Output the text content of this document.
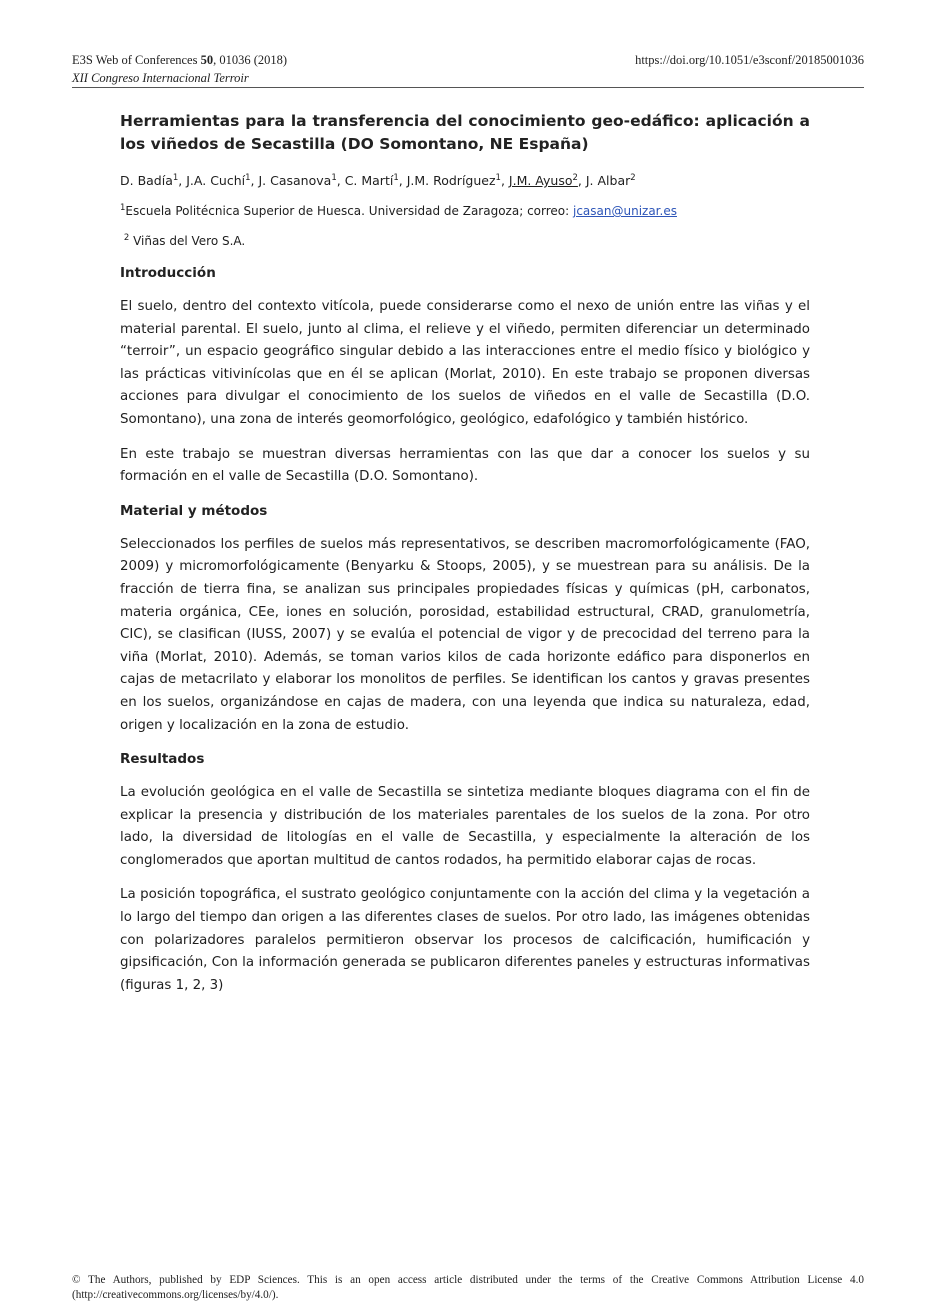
E3S Web of Conferences 50, 01036 (2018)	https://doi.org/10.1051/e3sconf/20185001036
XII Congreso Internacional Terroir
Herramientas para la transferencia del conocimiento geo-edáfico: aplicación a los viñedos de Secastilla (DO Somontano, NE España)
D. Badía$^1$, J.A. Cuchí$^1$, J. Casanova$^1$, C. Martí$^1$, J.M. Rodríguez$^1$, J.M. Ayuso$^2$, J. Albar$^2$
$^1$Escuela Politécnica Superior de Huesca. Universidad de Zaragoza; correo: jcasan@unizar.es
$^2$ Viñas del Vero S.A.
Introducción

El suelo, dentro del contexto vitícola, puede considerarse como el nexo de unión entre las viñas y el material parental. El suelo, junto al clima, el relieve y el viñedo, permiten diferenciar un determinado “terroir”, un espacio geográfico singular debido a las interacciones entre el medio físico y biológico y las prácticas vitivinícolas que en él se aplican (Morlat, 2010). En este trabajo se proponen diversas acciones para divulgar el conocimiento de los suelos de viñedos en el valle de Secastilla (D.O. Somontano), una zona de interés geomorfológico, geológico, edafológico y también histórico.

En este trabajo se muestran diversas herramientas con las que dar a conocer los suelos y su formación en el valle de Secastilla (D.O. Somontano).

Material y métodos

Seleccionados los perfiles de suelos más representativos, se describen macromorfológicamente (FAO, 2009) y micromorfológicamente (Benyarku & Stoops, 2005), y se muestrean para su análisis. De la fracción de tierra fina, se analizan sus principales propiedades físicas y químicas (pH, carbonatos, materia orgánica, CEe, iones en solución, porosidad, estabilidad estructural, CRAD, granulometría, CIC), se clasifican (IUSS, 2007) y se evalúa el potencial de vigor y de precocidad del terreno para la viña (Morlat, 2010). Además, se toman varios kilos de cada horizonte edáfico para disponerlos en cajas de metacrilato y elaborar los monolitos de perfiles. Se identifican los cantos y gravas presentes en los suelos, organizándose en cajas de madera, con una leyenda que indica su naturaleza, edad, origen y localización en la zona de estudio.

Resultados

La evolución geológica en el valle de Secastilla se sintetiza mediante bloques diagrama con el fin de explicar la presencia y distribución de los materiales parentales de los suelos de la zona. Por otro lado, la diversidad de litologías en el valle de Secastilla, y especialmente la alteración de los conglomerados que aportan multitud de cantos rodados, ha permitido elaborar cajas de rocas.

La posición topográfica, el sustrato geológico conjuntamente con la acción del clima y la vegetación a lo largo del tiempo dan origen a las diferentes clases de suelos. Por otro lado, las imágenes obtenidas con polarizadores paralelos permitieron observar los procesos de calcificación, humificación y gipsificación, Con la información generada se publicaron diferentes paneles y estructuras informativas (figuras 1, 2, 3)

© The Authors, published by EDP Sciences. This is an open access article distributed under the terms of the Creative Commons Attribution License 4.0 (http://creativecommons.org/licenses/by/4.0/).
